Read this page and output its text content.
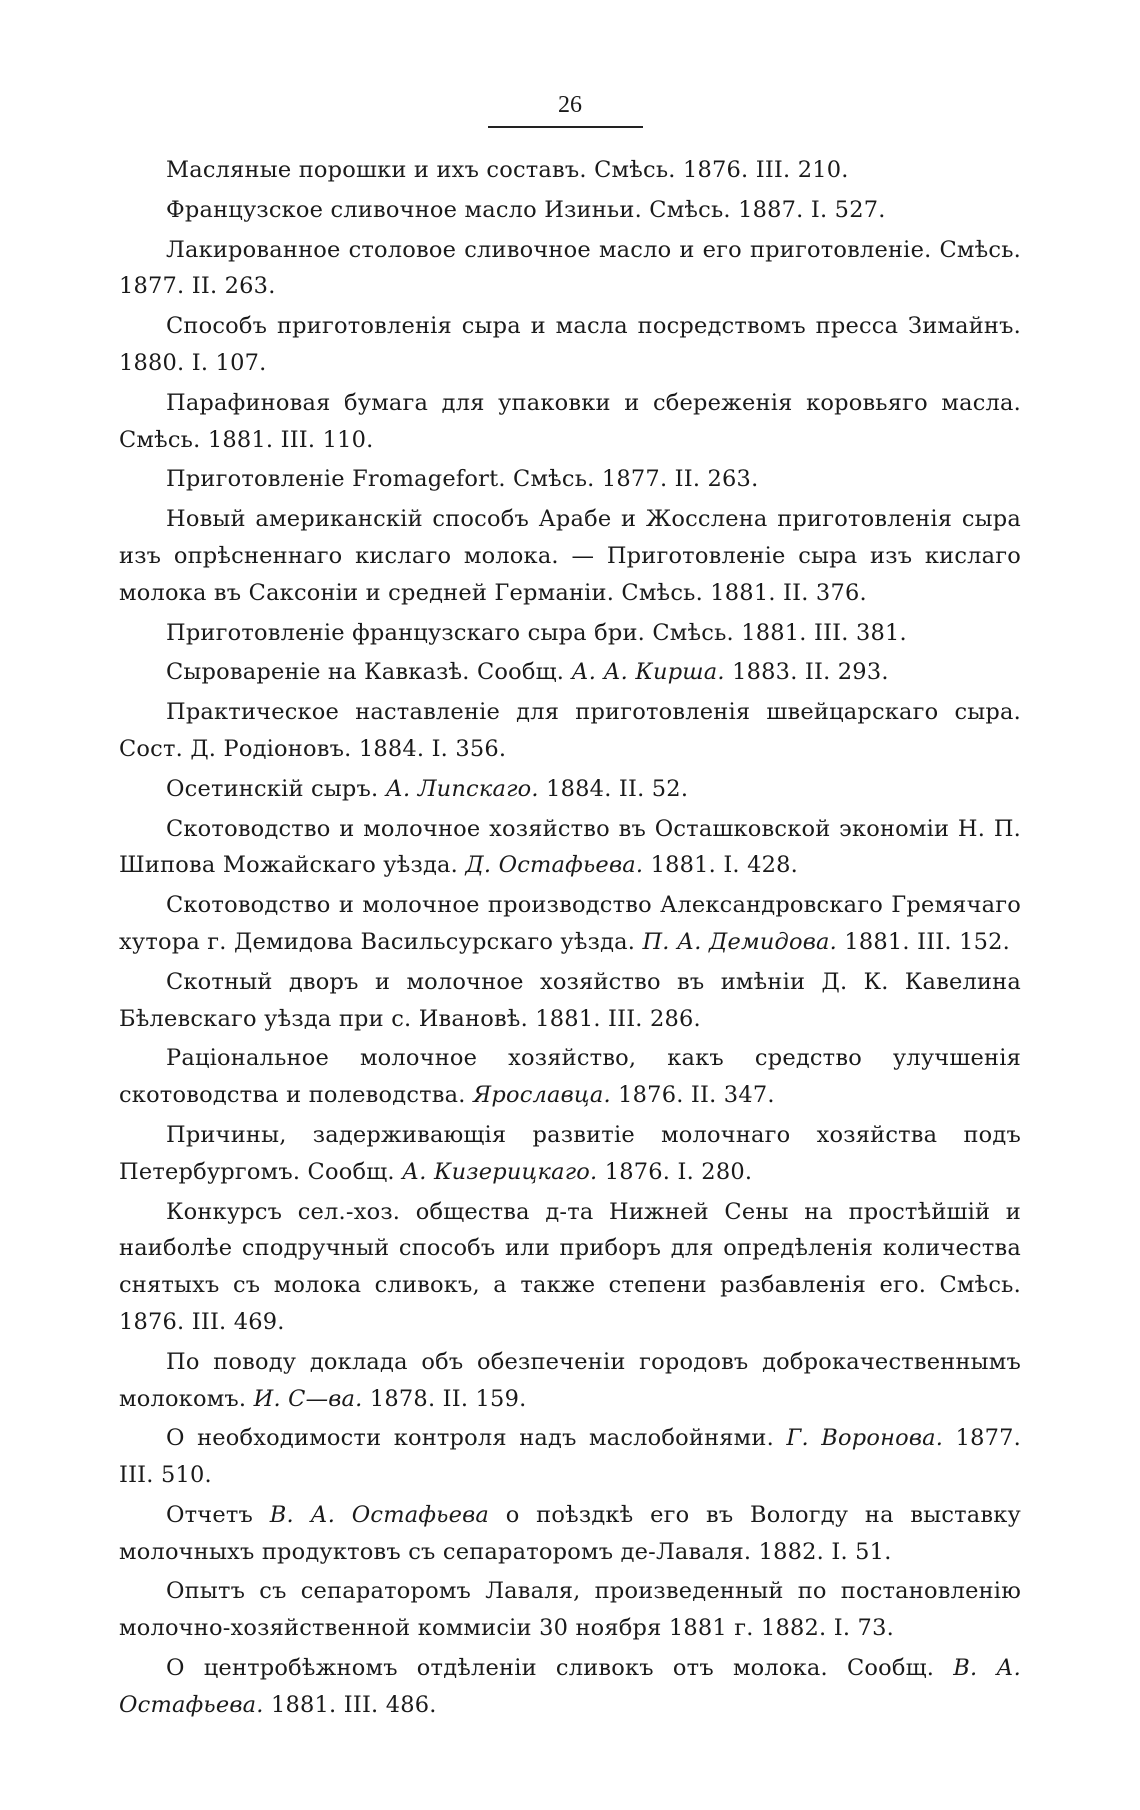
26

Масляные порошки и ихъ составъ. Смѣсь. 1876. III. 210.

Французское сливочное масло Изиньи. Смѣсь. 1887. I. 527.

Лакированное столовое сливочное масло и его приготовленіе. Смѣсь. 1877. II. 263.

Способъ приготовленія сыра и масла посредствомъ пресса Зимайнъ. 1880. I. 107.

Парафиновая бумага для упаковки и сбереженія коровьяго масла. Смѣсь. 1881. III. 110.

Приготовленіе Fromagefort. Смѣсь. 1877. II. 263.

Новый американскій способъ Арабе и Жосслена приготовленія сыра изъ опрѣсненнаго кислаго молока. — Приготовленіе сыра изъ кислаго молока въ Саксоніи и средней Германіи. Смѣсь. 1881. II. 376.

Приготовленіе французскаго сыра бри. Смѣсь. 1881. III. 381.

Сыровареніе на Кавказѣ. Сообщ. А. А. Кирша. 1883. II. 293.

Практическое наставленіе для приготовленія швейцарскаго сыра. Сост. Д. Родіоновъ. 1884. I. 356.

Осетинскій сыръ. А. Липскаго. 1884. II. 52.

Скотоводство и молочное хозяйство въ Осташковской экономіи Н. П. Шипова Можайскаго уѣзда. Д. Остафьева. 1881. I. 428.

Скотоводство и молочное производство Александровскаго Гремячаго хутора г. Демидова Васильсурскаго уѣзда. П. А. Демидова. 1881. III. 152.

Скотный дворъ и молочное хозяйство въ имѣніи Д. К. Кавелина Бѣлевскаго уѣзда при с. Ивановѣ. 1881. III. 286.

Раціональное молочное хозяйство, какъ средство улучшенія скотоводства и полеводства. Ярославцa. 1876. II. 347.

Причины, задерживающія развитіе молочнаго хозяйства подъ Петербургомъ. Сообщ. А. Кизерицкаго. 1876. I. 280.

Конкурсъ сел.-хоз. общества д-та Нижней Сены на простѣйшій и наиболѣе сподручный способъ или приборъ для опредѣленія количества снятыхъ съ молока сливокъ, а также степени разбавленія его. Смѣсь. 1876. III. 469.

По поводу доклада объ обезпеченіи городовъ доброкачественнымъ молокомъ. И. С—ва. 1878. II. 159.

О необходимости контроля надъ маслобойнями. Г. Воронова. 1877. III. 510.

Отчетъ В. А. Остафьева о поѣздкѣ его въ Вологду на выставку молочныхъ продуктовъ съ сепараторомъ де-Лаваля. 1882. I. 51.

Опытъ съ сепараторомъ Лаваля, произведенный по постановленію молочно-хозяйственной коммисіи 30 ноября 1881 г. 1882. I. 73.

О центробѣжномъ отдѣленіи сливокъ отъ молока. Сообщ. В. А. Остафьева. 1881. III. 486.
